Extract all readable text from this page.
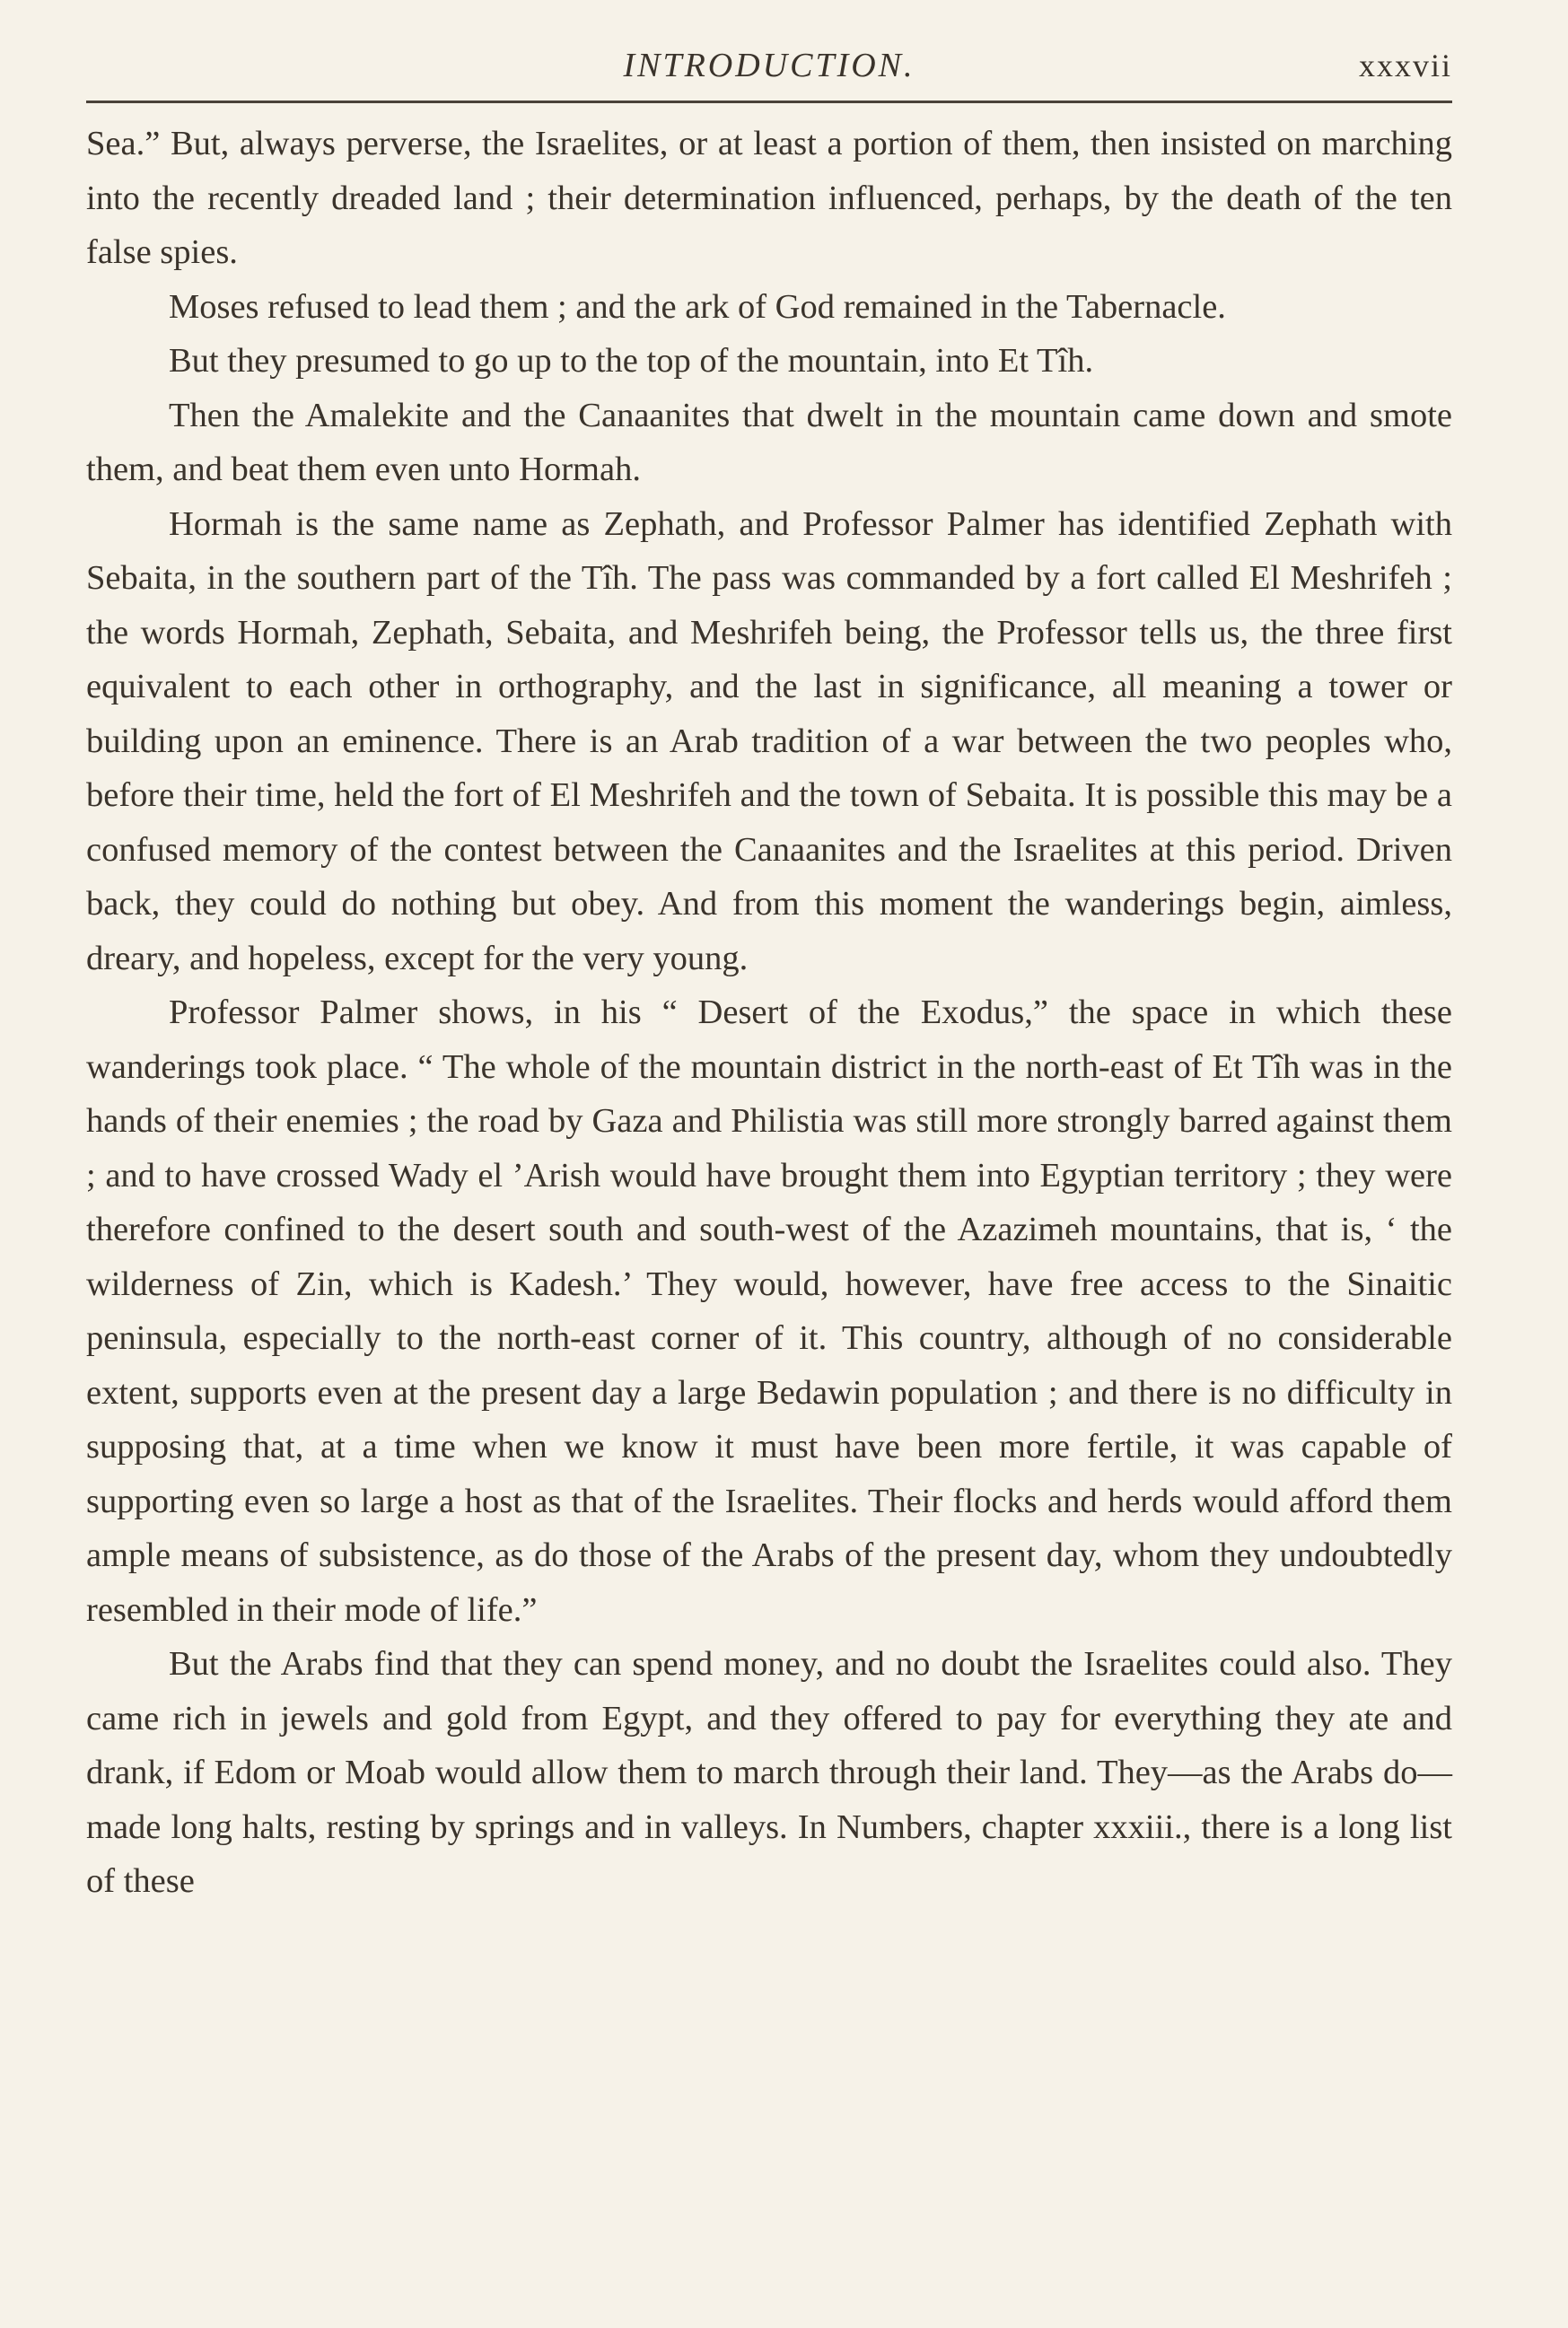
INTRODUCTION.	xxxvii

Sea.” But, always perverse, the Israelites, or at least a portion of them, then insisted on marching into the recently dreaded land ; their determination influenced, perhaps, by the death of the ten false spies.

Moses refused to lead them ; and the ark of God remained in the Tabernacle.

But they presumed to go up to the top of the mountain, into Et Tîh.

Then the Amalekite and the Canaanites that dwelt in the mountain came down and smote them, and beat them even unto Hormah.

Hormah is the same name as Zephath, and Professor Palmer has identified Zephath with Sebaita, in the southern part of the Tîh. The pass was commanded by a fort called El Meshrifeh ; the words Hormah, Zephath, Sebaita, and Meshrifeh being, the Professor tells us, the three first equivalent to each other in orthography, and the last in significance, all meaning a tower or building upon an eminence. There is an Arab tradition of a war between the two peoples who, before their time, held the fort of El Meshrifeh and the town of Sebaita. It is possible this may be a confused memory of the contest between the Canaanites and the Israelites at this period. Driven back, they could do nothing but obey. And from this moment the wanderings begin, aimless, dreary, and hopeless, except for the very young.

Professor Palmer shows, in his “ Desert of the Exodus,” the space in which these wanderings took place. “ The whole of the mountain district in the north-east of Et Tîh was in the hands of their enemies ; the road by Gaza and Philistia was still more strongly barred against them ; and to have crossed Wady el ’Arish would have brought them into Egyptian territory ; they were therefore confined to the desert south and south-west of the Azazimeh mountains, that is, ‘ the wilderness of Zin, which is Kadesh.’ They would, however, have free access to the Sinaitic peninsula, especially to the north-east corner of it. This country, although of no considerable extent, supports even at the present day a large Bedawin population ; and there is no difficulty in supposing that, at a time when we know it must have been more fertile, it was capable of supporting even so large a host as that of the Israelites. Their flocks and herds would afford them ample means of subsistence, as do those of the Arabs of the present day, whom they undoubtedly resembled in their mode of life.”

But the Arabs find that they can spend money, and no doubt the Israelites could also. They came rich in jewels and gold from Egypt, and they offered to pay for everything they ate and drank, if Edom or Moab would allow them to march through their land. They—as the Arabs do—made long halts, resting by springs and in valleys. In Numbers, chapter xxxiii., there is a long list of these
